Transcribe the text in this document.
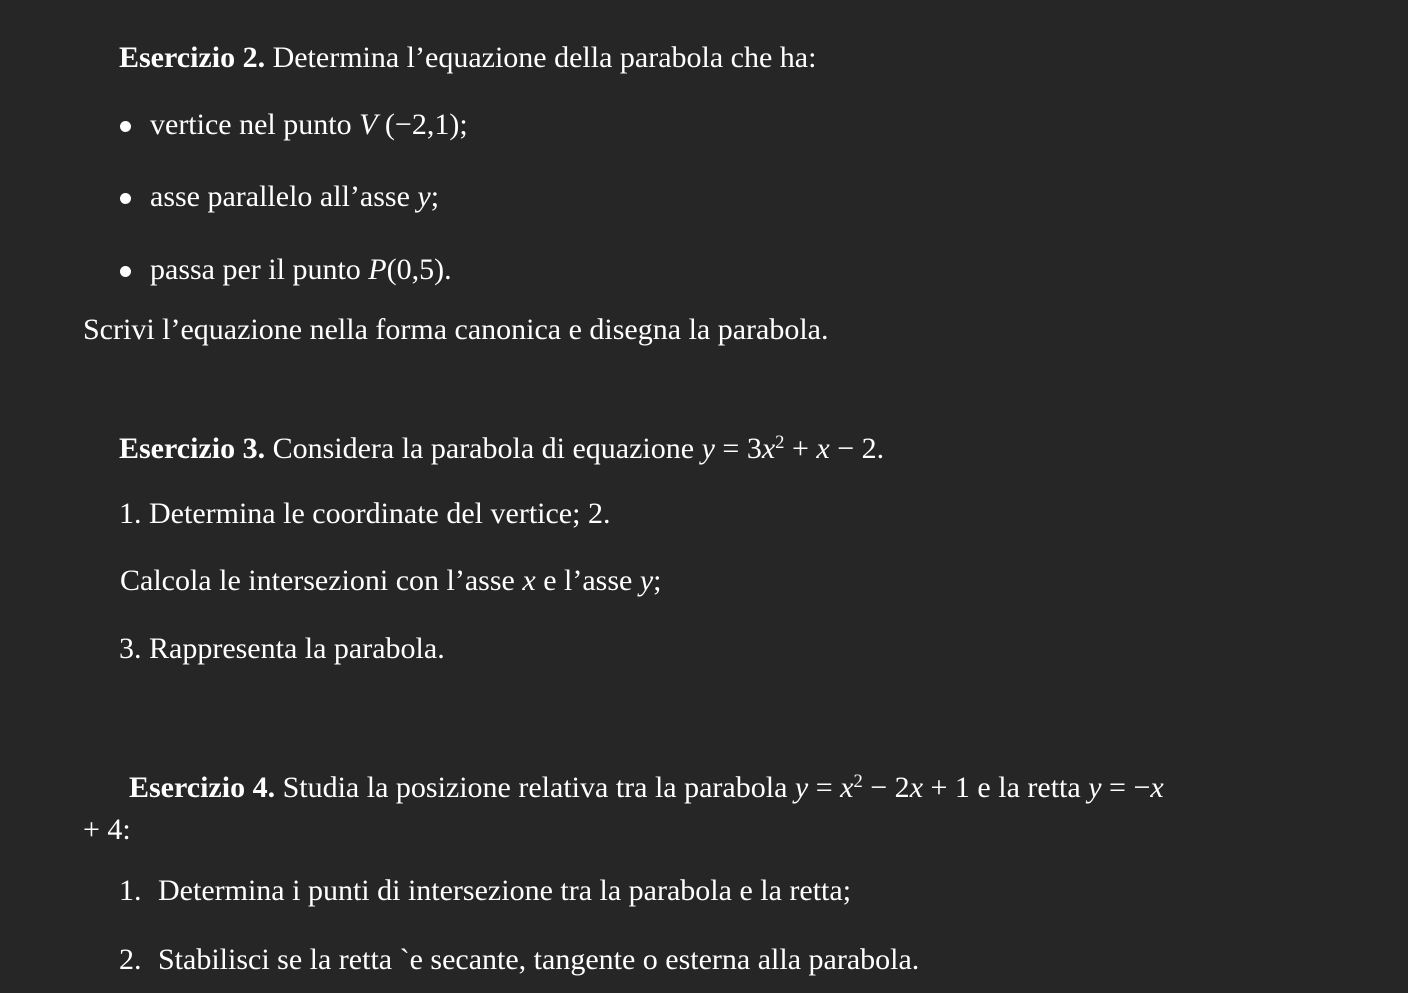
Esercizio 2. Determina l’equazione della parabola che ha:
vertice nel punto V (−2,1);
asse parallelo all’asse y;
passa per il punto P(0,5).
Scrivi l’equazione nella forma canonica e disegna la parabola.
Esercizio 3. Considera la parabola di equazione $y = 3x^2 + x - 2$.
1. Determina le coordinate del vertice; 2.
Calcola le intersezioni con l’asse x e l’asse y;
3. Rappresenta la parabola.
Esercizio 4. Studia la posizione relativa tra la parabola $y = x^2 - 2x + 1$ e la retta y = −x
+ 4:
1. Determina i punti di intersezione tra la parabola e la retta;
2. Stabilisci se la retta `e secante, tangente o esterna alla parabola.
